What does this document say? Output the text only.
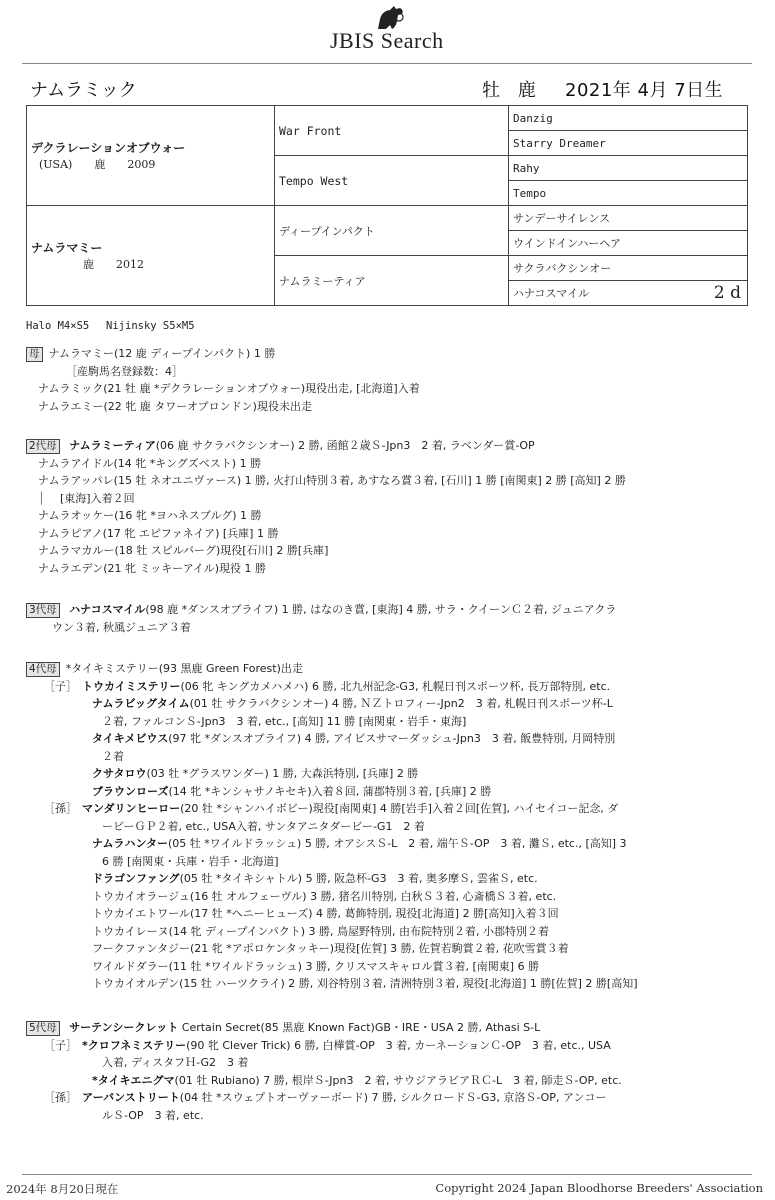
JBIS Search
ナムラミック	牡 鹿 2021年 4月 7日生
デクラレーションオブウォー
(USA)　　鹿　　2009	War Front	Danzig
		Starry Dreamer
	Tempo West	Rahy
		Tempo

ナムラマミー
　　　　鹿　　2012	ディープインパクト	サンデーサイレンス
		ウインドインハーヘア
	ナムラミーティア	サクラバクシンオー
		ハナコスマイル 2 d
Halo M4×S5　 Nijinsky S5×M5
母 ナムラマミー(12 鹿 ディープインパクト) 1 勝
［産駒馬名登録数：4］
ナムラミック(21 牡 鹿 *デクラレーションオブウォー)現役出走, [北海道]入着
ナムラエミー(22 牝 鹿 タワーオブロンドン)現役未出走
2代母 ナムラミーティア(06 鹿 サクラバクシンオー) 2 勝, 函館２歳Ｓ-Jpn3　2 着, ラベンダー賞-OP
ナムラアイドル(14 牝 *キングズベスト) 1 勝
ナムラアッパレ(15 牡 ネオユニヴァース) 1 勝, 火打山特別３着, あすなろ賞３着, [石川] 1 勝 [南関東] 2 勝 [高知] 2 勝
│ [東海]入着２回
ナムラオッケー(16 牝 *ヨハネスブルグ) 1 勝
ナムラピアノ(17 牝 エピファネイア) [兵庫] 1 勝
ナムラマカルー(18 牡 スピルバーグ)現役[石川] 2 勝[兵庫]
ナムラエデン(21 牝 ミッキーアイル)現役 1 勝
3代母 ハナコスマイル(98 鹿 *ダンスオブライフ) 1 勝, はなのき賞, [東海] 4 勝, サラ・クイーンＣ２着, ジュニアクラ
ウン３着, 秋風ジュニア３着
4代母 *タイキミステリー(93 黒鹿 Green Forest)出走
［子］ トウカイミステリー(06 牝 キングカメハメハ) 6 勝, 北九州記念-G3, 札幌日刊スポーツ杯, 長万部特別, etc.
ナムラビッグタイム(01 牡 サクラバクシンオー) 4 勝, ＮＺトロフィー-Jpn2　3 着, 札幌日刊スポーツ杯-L
２着, ファルコンＳ-Jpn3　3 着, etc., [高知] 11 勝 [南関東・岩手・東海]
タイキメビウス(97 牝 *ダンスオブライフ) 4 勝, アイビスサマーダッシュ-Jpn3　3 着, 飯豊特別, 月岡特別
２着
クサタロウ(03 牡 *グラスワンダー) 1 勝, 大森浜特別, [兵庫] 2 勝
ブラウンローズ(14 牝 *キンシャサノキセキ)入着８回, 蒲郡特別３着, [兵庫] 2 勝
［孫］ マンダリンヒーロー(20 牡 *シャンハイボビー)現役[南関東] 4 勝[岩手]入着２回[佐賀], ハイセイコー記念, ダ
ービーＧＰ２着, etc., USA入着, サンタアニタダービー-G1　2 着
ナムラハンター(05 牡 *ワイルドラッシュ) 5 勝, オアシスＳ-L　2 着, 端午Ｓ-OP　3 着, 灘Ｓ, etc., [高知] 3
6 勝 [南関東・兵庫・岩手・北海道]
ドラゴンファング(05 牡 *タイキシャトル) 5 勝, 阪急杯-G3　3 着, 奥多摩Ｓ, 雲雀Ｓ, etc.
トウカイオラージュ(16 牡 オルフェーヴル) 3 勝, 猪名川特別, 白秋Ｓ３着, 心斎橋Ｓ３着, etc.
トウカイエトワール(17 牡 *ヘニーヒューズ) 4 勝, 葛飾特別, 現役[北海道] 2 勝[高知]入着３回
トウカイレーヌ(14 牝 ディープインパクト) 3 勝, 鳥屋野特別, 由布院特別２着, 小郡特別２着
フークファンタジー(21 牝 *アポロケンタッキー)現役[佐賀] 3 勝, 佐賀若駒賞２着, 花吹雪賞３着
ワイルドダラー(11 牡 *ワイルドラッシュ) 3 勝, クリスマスキャロル賞３着, [南関東] 6 勝
トウカイオルデン(15 牡 ハーツクライ) 2 勝, 刈谷特別３着, 清洲特別３着, 現役[北海道] 1 勝[佐賀] 2 勝[高知]
5代母 サーテンシークレット Certain Secret(85 黒鹿 Known Fact)GB・IRE・USA 2 勝, Athasi S-L
［子］ *クロフネミステリー(90 牝 Clever Trick) 6 勝, 白樺賞-OP　3 着, カーネーションＣ-OP　3 着, etc., USA
入着, ディスタフＨ-G2　3 着
*タイキエニグマ(01 牡 Rubiano) 7 勝, 根岸Ｓ-Jpn3　2 着, サウジアラビアＲＣ-L　3 着, 師走Ｓ-OP, etc.
［孫］ アーバンストリート(04 牡 *スウェプトオーヴァーボード) 7 勝, シルクロードＳ-G3, 京洛Ｓ-OP, アンコー
ルＳ-OP　3 着, etc.
2024年 8月20日現在	Copyright 2024 Japan Bloodhorse Breeders' Association
